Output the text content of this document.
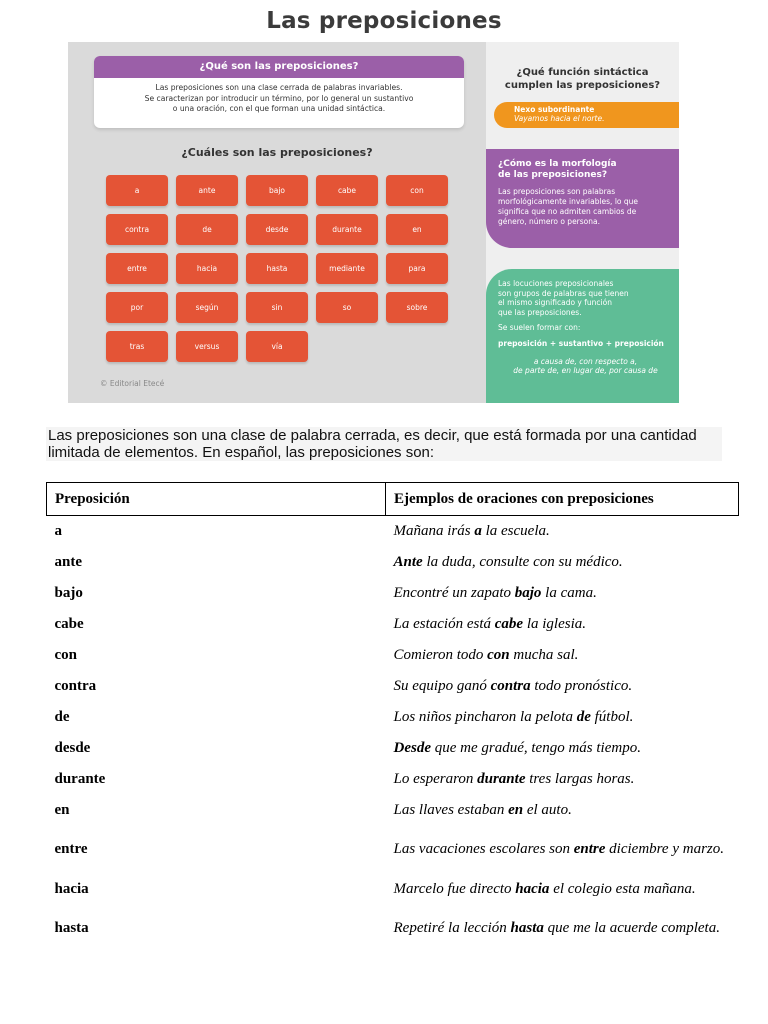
Las preposiciones
¿Qué son las preposiciones?
Las preposiciones son una clase cerrada de palabras invariables.
Se caracterizan por introducir un término, por lo general un sustantivo
o una oración, con el que forman una unidad sintáctica.
¿Cuáles son las preposiciones?
a	ante	bajo	cabe	con
contra	de	desde	durante	en
entre	hacia	hasta	mediante	para
por	según	sin	so	sobre
tras	versus	vía
© Editorial Etecé
¿Qué función sintáctica
cumplen las preposiciones?
Nexo subordinante
Vayamos hacia el norte.
¿Cómo es la morfología
de las preposiciones?
Las preposiciones son palabras
morfológicamente invariables, lo que
significa que no admiten cambios de
género, número o persona.
Las locuciones preposicionales
son grupos de palabras que tienen
el mismo significado y función
que las preposiciones.
Se suelen formar con:
preposición + sustantivo + preposición
a causa de, con respecto a,
de parte de, en lugar de, por causa de
Las preposiciones son una clase de palabra cerrada, es decir, que está formada por una cantidad limitada de elementos. En español, las preposiciones son:
Preposición	Ejemplos de oraciones con preposiciones
a	Mañana irás a la escuela.
ante	Ante la duda, consulte con su médico.
bajo	Encontré un zapato bajo la cama.
cabe	La estación está cabe la iglesia.
con	Comieron todo con mucha sal.
contra	Su equipo ganó contra todo pronóstico.
de	Los niños pincharon la pelota de fútbol.
desde	Desde que me gradué, tengo más tiempo.
durante	Lo esperaron durante tres largas horas.
en	Las llaves estaban en el auto.
entre	Las vacaciones escolares son entre diciembre y marzo.
hacia	Marcelo fue directo hacia el colegio esta mañana.
hasta	Repetiré la lección hasta que me la acuerde completa.
